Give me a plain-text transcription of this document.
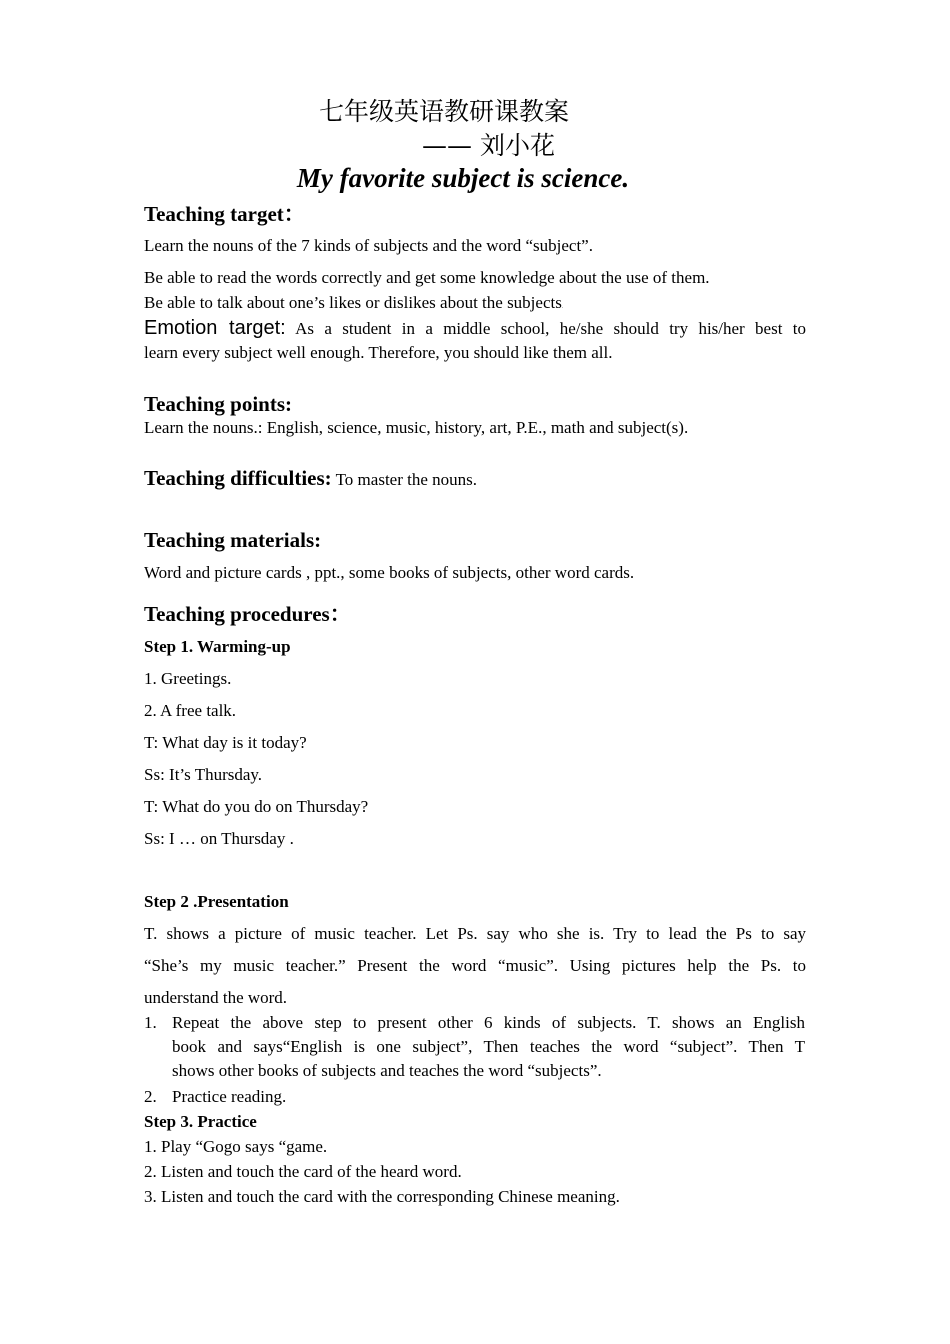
七年级英语教研课教案
—— 刘小花
My favorite subject is science.
Teaching target：
Learn the nouns of the 7 kinds of subjects and the word “subject”.
Be able to read the words correctly and get some knowledge about the use of them.
Be able to talk about one’s likes or dislikes about the subjects.
Emotion target: As a student in a middle school, he/she should try his/her best to
learn every subject well enough. Therefore, you should like them all.
Teaching points:
Learn the nouns.: English, science, music, history, art, P.E., math and subject(s).
Teaching difficulties: To master the nouns.
Teaching materials:
Word and picture cards , ppt., some books of subjects, other word cards.
Teaching procedures：
Step 1. Warming-up
1. Greetings.
2. A free talk.
T: What day is it today?
Ss: It’s Thursday.
T: What do you do on Thursday?
Ss: I … on Thursday .
Step 2 .Presentation
T. shows a picture of music teacher. Let Ps. say who she is. Try to lead the Ps to say
“She’s my music teacher.” Present the word “music”. Using pictures help the Ps. to
understand the word.
1. Repeat the above step to present other 6 kinds of subjects. T. shows an English
book and says“English is one subject”, Then teaches the word “subject”. Then T
shows other books of subjects and teaches the word “subjects”.
2. Practice reading.
Step 3. Practice
1. Play “Gogo says “game.
2. Listen and touch the card of the heard word.
3. Listen and touch the card with the corresponding Chinese meaning.
